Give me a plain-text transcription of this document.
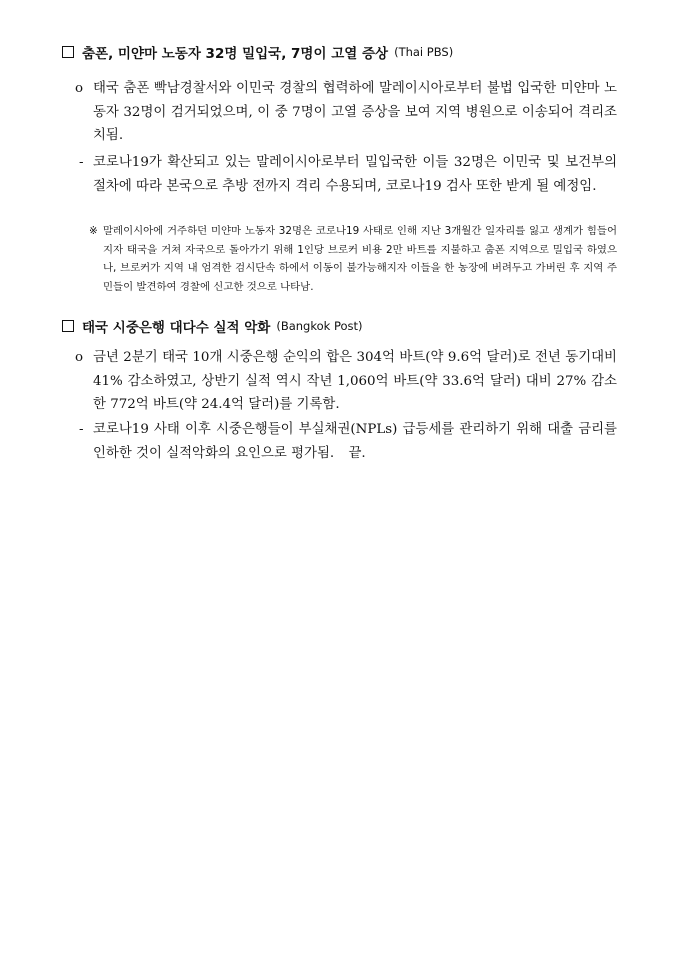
춤폰, 미얀마 노동자 32명 밀입국, 7명이 고열 증상 (Thai PBS)
o 태국 춤폰 빡남경찰서와 이민국 경찰의 협력하에 말레이시아로부터 불법 입국한 미얀마 노동자 32명이 검거되었으며, 이 중 7명이 고열 증상을 보여 지역 병원으로 이송되어 격리조치됨.
- 코로나19가 확산되고 있는 말레이시아로부터 밀입국한 이들 32명은 이민국 및 보건부의 절차에 따라 본국으로 추방 전까지 격리 수용되며, 코로나19 검사 또한 받게 될 예정임.
※ 말레이시아에 거주하던 미얀마 노동자 32명은 코로나19 사태로 인해 지난 3개월간 일자리를 잃고 생계가 힘들어지자 태국을 거쳐 자국으로 돌아가기 위해 1인당 브로커 비용 2만 바트를 지불하고 춤폰 지역으로 밀입국 하였으나, 브로커가 지역 내 엄격한 검시단속 하에서 이동이 불가능해지자 이들을 한 농장에 버려두고 가버린 후 지역 주민들이 발견하여 경찰에 신고한 것으로 나타남.
태국 시중은행 대다수 실적 악화 (Bangkok Post)
o 금년 2분기 태국 10개 시중은행 순익의 합은 304억 바트(약 9.6억 달러)로 전년 동기대비 41% 감소하였고, 상반기 실적 역시 작년 1,060억 바트(약 33.6억 달러) 대비 27% 감소한 772억 바트(약 24.4억 달러)를 기록함.
- 코로나19 사태 이후 시중은행들이 부실채권(NPLs) 급등세를 관리하기 위해 대출 금리를 인하한 것이 실적악화의 요인으로 평가됨. 끝.
